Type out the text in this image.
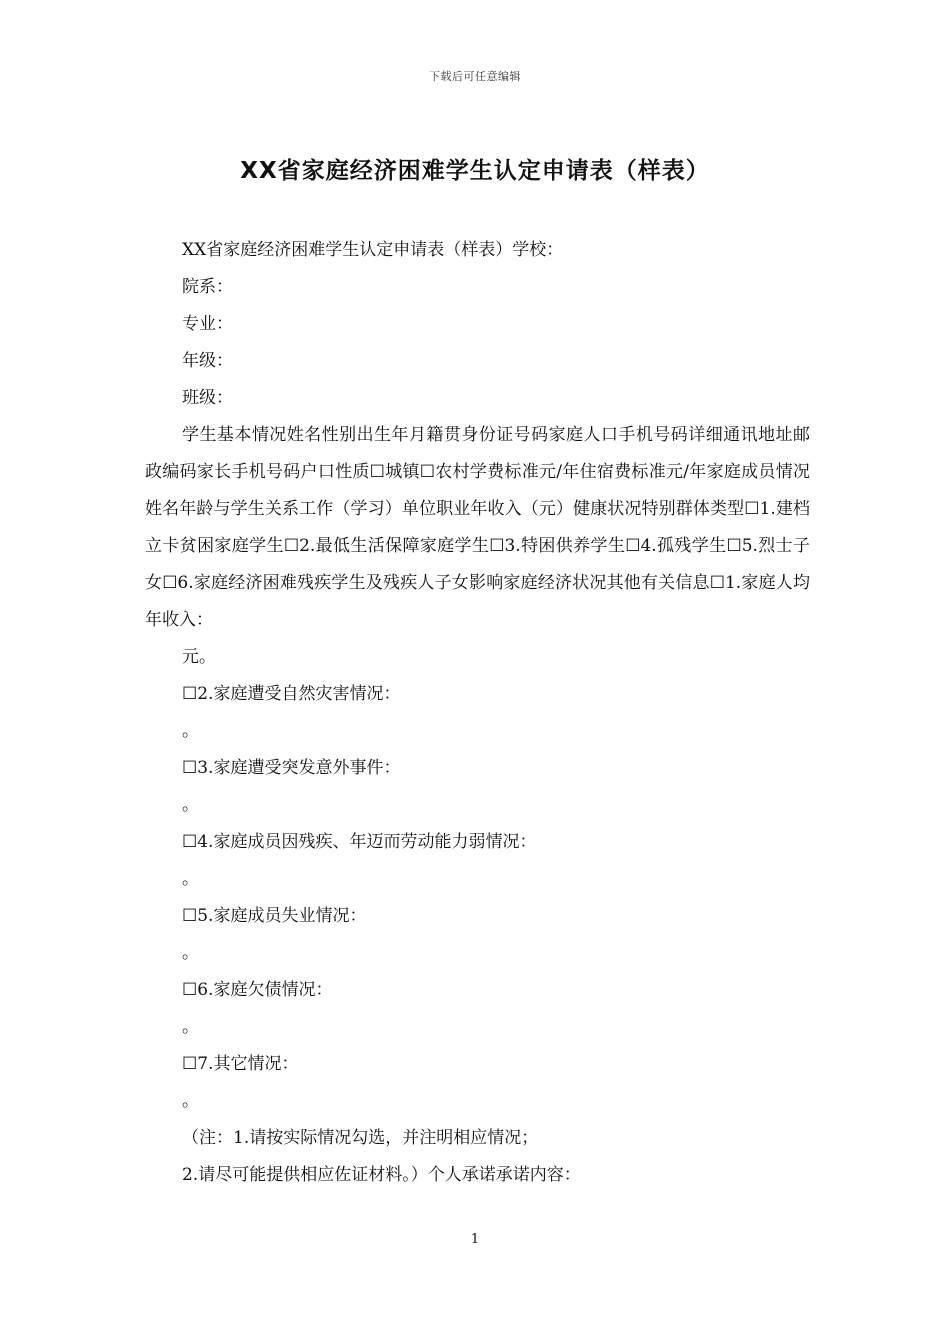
下载后可任意编辑
XX省家庭经济困难学生认定申请表（样表）
XX省家庭经济困难学生认定申请表（样表）学校：
院系：
专业：
年级：
班级：
学生基本情况姓名性别出生年月籍贯身份证号码家庭人口手机号码详细通讯地址邮政编码家长手机号码户口性质☐城镇☐农村学费标准元/年住宿费标准元/年家庭成员情况姓名年龄与学生关系工作（学习）单位职业年收入（元）健康状况特别群体类型☐1.建档立卡贫困家庭学生☐2.最低生活保障家庭学生☐3.特困供养学生☐4.孤残学生☐5.烈士子女☐6.家庭经济困难残疾学生及残疾人子女影响家庭经济状况其他有关信息☐1.家庭人均年收入：
元。
☐2.家庭遭受自然灾害情况：
。
☐3.家庭遭受突发意外事件：
。
☐4.家庭成员因残疾、年迈而劳动能力弱情况：
。
☐5.家庭成员失业情况：
。
☐6.家庭欠债情况：
。
☐7.其它情况：
。
（注：1.请按实际情况勾选，并注明相应情况；
2.请尽可能提供相应佐证材料。）个人承诺承诺内容：
1
